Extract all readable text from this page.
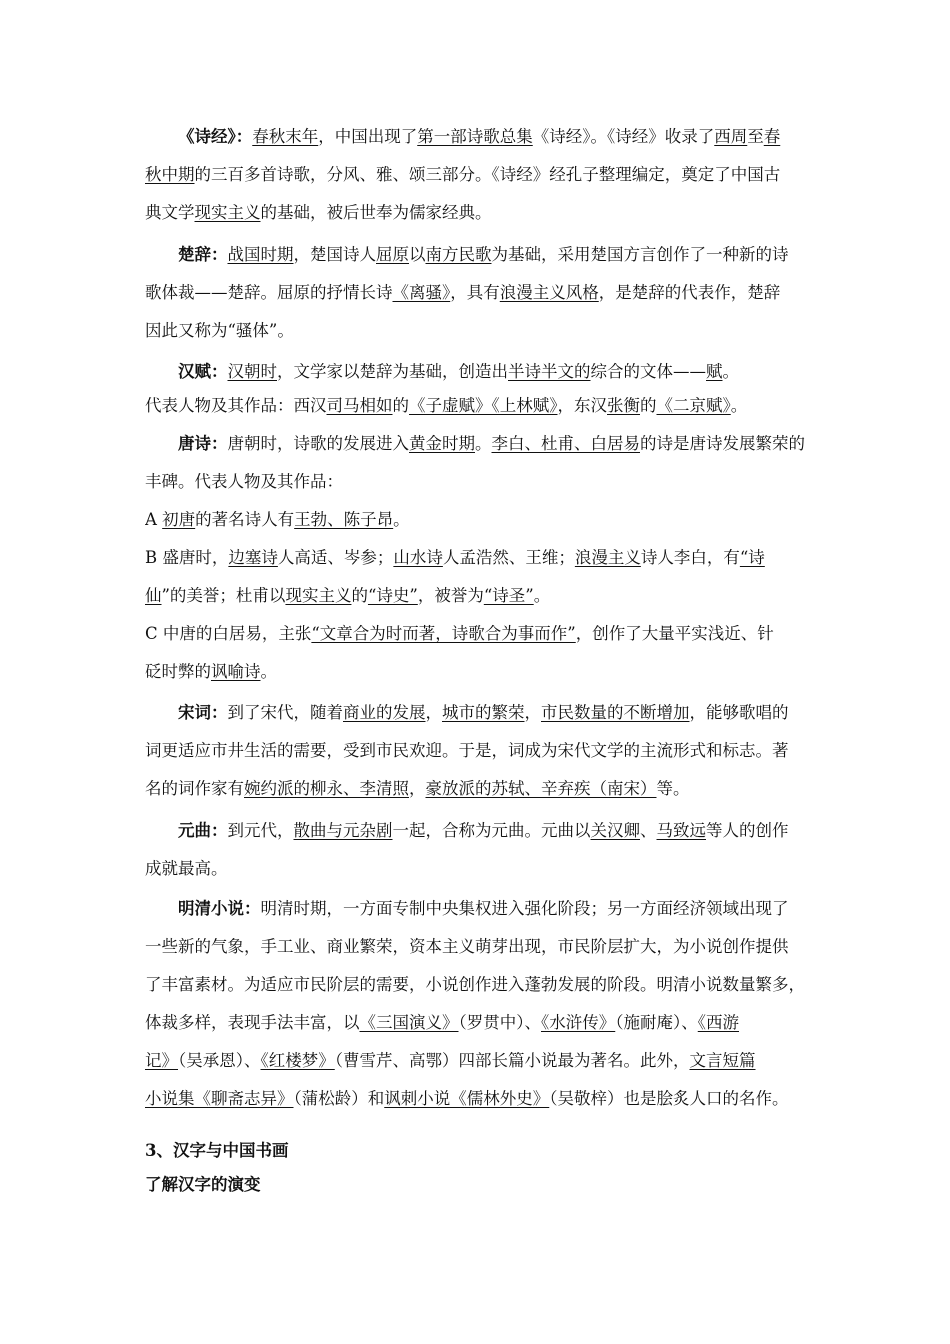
《诗经》：春秋末年，中国出现了第一部诗歌总集《诗经》。《诗经》收录了西周至春
秋中期的三百多首诗歌，分风、雅、颂三部分。《诗经》经孔子整理编定，奠定了中国古
典文学现实主义的基础，被后世奉为儒家经典。
楚辞：战国时期，楚国诗人屈原以南方民歌为基础，采用楚国方言创作了一种新的诗
歌体裁——楚辞。屈原的抒情长诗《离骚》，具有浪漫主义风格，是楚辞的代表作，楚辞
因此又称为“骚体”。
汉赋：汉朝时，文学家以楚辞为基础，创造出半诗半文的综合的文体——赋。
代表人物及其作品：西汉司马相如的《子虚赋》《上林赋》，东汉张衡的《二京赋》。
唐诗：唐朝时，诗歌的发展进入黄金时期。李白、杜甫、白居易的诗是唐诗发展繁荣的
丰碑。代表人物及其作品：
A 初唐的著名诗人有王勃、陈子昂。
B 盛唐时，边塞诗人高适、岑参；山水诗人孟浩然、王维；浪漫主义诗人李白，有“诗
仙”的美誉；杜甫以现实主义的“诗史”，被誉为“诗圣”。
C 中唐的白居易，主张“文章合为时而著，诗歌合为事而作”，创作了大量平实浅近、针
砭时弊的讽喻诗。
宋词：到了宋代，随着商业的发展，城市的繁荣，市民数量的不断增加，能够歌唱的
词更适应市井生活的需要，受到市民欢迎。于是，词成为宋代文学的主流形式和标志。著
名的词作家有婉约派的柳永、李清照，豪放派的苏轼、辛弃疾（南宋）等。
元曲：到元代，散曲与元杂剧一起，合称为元曲。元曲以关汉卿、马致远等人的创作
成就最高。
明清小说：明清时期，一方面专制中央集权进入强化阶段；另一方面经济领域出现了
一些新的气象，手工业、商业繁荣，资本主义萌芽出现，市民阶层扩大，为小说创作提供
了丰富素材。为适应市民阶层的需要，小说创作进入蓬勃发展的阶段。明清小说数量繁多，
体裁多样，表现手法丰富，以《三国演义》（罗贯中）、《水浒传》（施耐庵）、《西游
记》（吴承恩）、《红楼梦》（曹雪芹、高鄂）四部长篇小说最为著名。此外，文言短篇
小说集《聊斋志异》（蒲松龄）和讽刺小说《儒林外史》（吴敬梓）也是脍炙人口的名作。
3、汉字与中国书画
了解汉字的演变
